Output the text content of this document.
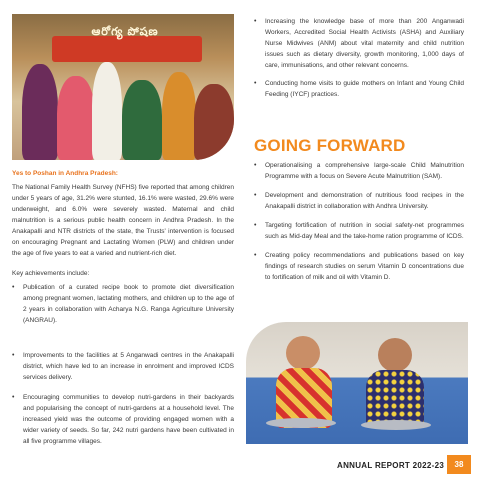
ఆరోగ్య పోషణ
• Increasing the knowledge base of more than 200 Anganwadi Workers, Accredited Social Health Activists (ASHA) and Auxiliary Nurse Midwives (ANM) about vital maternity and child nutrition issues such as dietary diversity, growth monitoring, 1,000 days of care, immunisations, and other relevant concerns.
• Conducting home visits to guide mothers on Infant and Young Child Feeding (IYCF) practices.
GOING FORWARD
• Operationalising a comprehensive large-scale Child Malnutrition Programme with a focus on Severe Acute Malnutrition (SAM).
• Development and demonstration of nutritious food recipes in the Anakapalli district in collaboration with Andhra University.
• Targeting fortification of nutrition in social safety-net programmes such as Mid-day Meal and the take-home ration programme of ICDS.
• Creating policy recommendations and publications based on key findings of research studies on serum Vitamin D concentrations due to fortification of milk and oil with Vitamin D.

Yes to Poshan in Andhra Pradesh:

The National Family Health Survey (NFHS) five reported that among children under 5 years of age, 31.2% were stunted, 16.1% were wasted, 29.6% were underweight, and 6.0% were severely wasted. Maternal and child malnutrition is a serious public health concern in Andhra Pradesh. In the Anakapalli and NTR districts of the state, the Trusts' intervention is focused on encouraging Pregnant and Lactating Women (PLW) and children under the age of five years to eat a varied and nutrient-rich diet.

Key achievements include:

• Publication of a curated recipe book to promote diet diversification among pregnant women, lactating mothers, and children up to the age of 2 years in collaboration with Acharya N.G. Ranga Agriculture University (ANGRAU).
• Improvements to the facilities at 5 Anganwadi centres in the Anakapalli district, which have led to an increase in enrolment and improved ICDS services delivery.
• Encouraging communities to develop nutri-gardens in their backyards and popularising the concept of nutri-gardens at a household level. The increased yield was the outcome of providing engaged women with a wider variety of seeds. So far, 242 nutri gardens have been cultivated in all five programme villages.
ANNUAL REPORT 2022-23	38
